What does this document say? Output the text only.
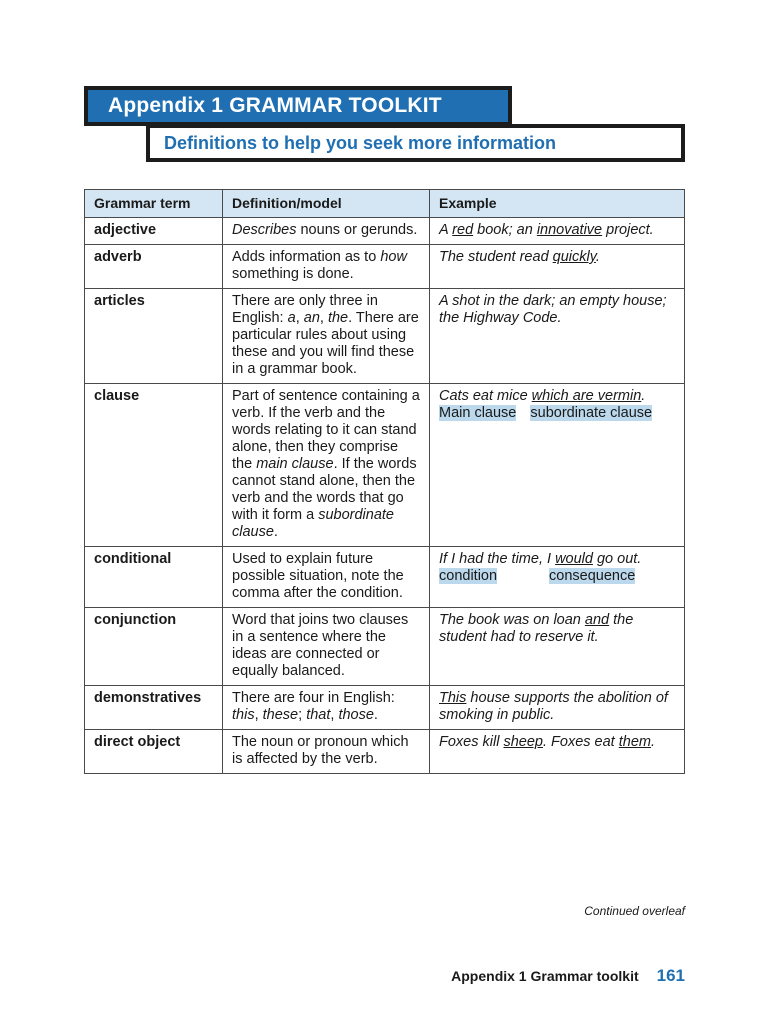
Appendix 1 GRAMMAR TOOLKIT
Definitions to help you seek more information
Grammar term	Definition/model	Example
adjective	Describes nouns or gerunds.	A red book; an innovative project.
adverb	Adds information as to how something is done.	The student read quickly.
articles	There are only three in English: a, an, the. There are particular rules about using these and you will find these in a grammar book.	A shot in the dark; an empty house; the Highway Code.
clause	Part of sentence containing a verb. If the verb and the words relating to it can stand alone, then they comprise the main clause. If the words cannot stand alone, then the verb and the words that go with it form a subordinate clause.	Cats eat mice which are vermin.
Main clause subordinate clause

conditional	Used to explain future possible situation, note the comma after the condition.	If I had the time, I would go out.
condition consequence

conjunction	Word that joins two clauses in a sentence where the ideas are connected or equally balanced.	The book was on loan and the student had to reserve it.
demonstratives	There are four in English: this, these; that, those.	This house supports the abolition of smoking in public.
direct object	The noun or pronoun which is affected by the verb.	Foxes kill sheep. Foxes eat them.
Continued overleaf
Appendix 1 Grammar toolkit 161
